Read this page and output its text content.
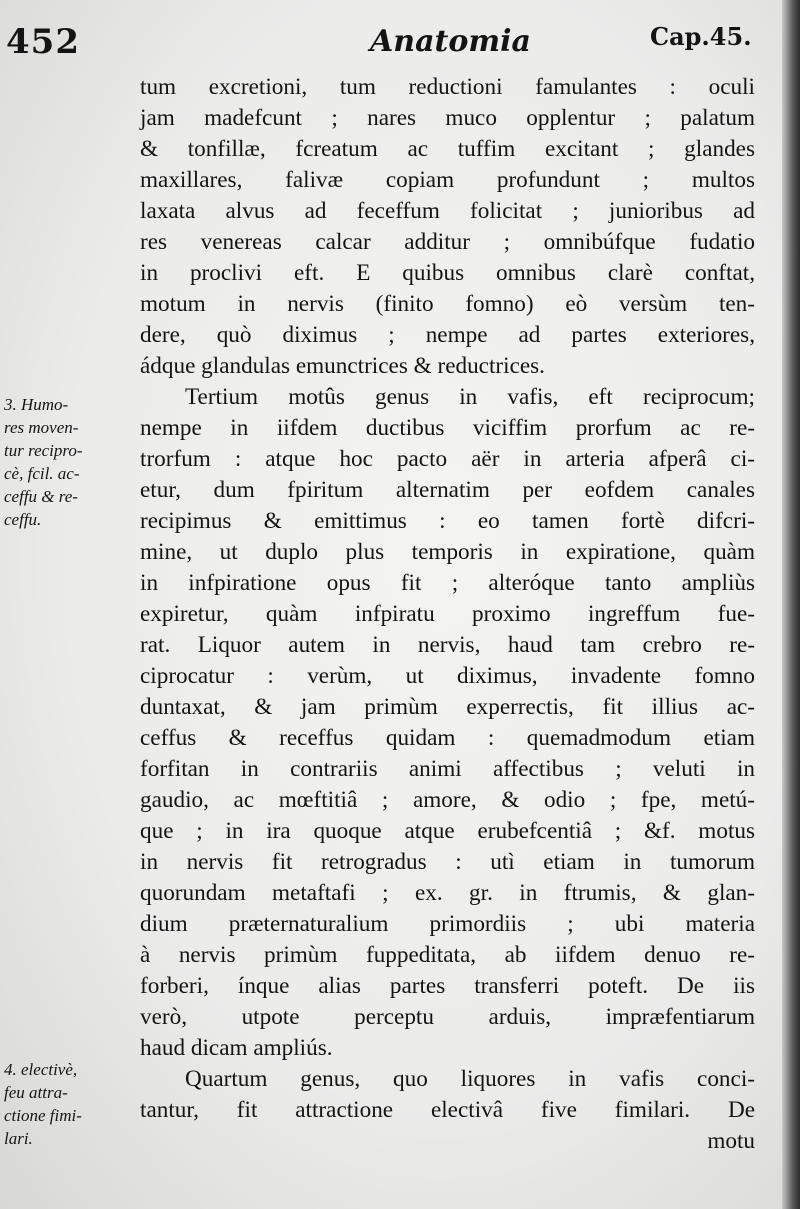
452	Anatomia	Cap.45.
3. Humo-
res moven-
tur recipro-
cè, fcil. ac-
ceffu & re-
ceffu.
4. electivè,
feu attra-
ctione fimi-
lari.
tum excretioni, tum reductioni famulantes : oculi
jam madefcunt ; nares muco opplentur ; palatum
& tonfillæ, fcreatum ac tuffim excitant ; glandes
maxillares, falivæ copiam profundunt ; multos
laxata alvus ad feceffum folicitat ; junioribus ad
res venereas calcar additur ; omnibúfque fudatio
in proclivi eft. E quibus omnibus clarè conftat,
motum in nervis (finito fomno) eò versùm ten-
dere, quò diximus ; nempe ad partes exteriores,
ádque glandulas emunctrices & reductrices.
Tertium motûs genus in vafis, eft reciprocum;
nempe in iifdem ductibus viciffim prorfum ac re-
trorfum : atque hoc pacto aër in arteria afperâ ci-
etur, dum fpiritum alternatim per eofdem canales
recipimus & emittimus : eo tamen fortè difcri-
mine, ut duplo plus temporis in expiratione, quàm
in infpiratione opus fit ; alteróque tanto ampliùs
expiretur, quàm infpiratu proximo ingreffum fue-
rat. Liquor autem in nervis, haud tam crebro re-
ciprocatur : verùm, ut diximus, invadente fomno
duntaxat, & jam primùm experrectis, fit illius ac-
ceffus & receffus quidam : quemadmodum etiam
forfitan in contrariis animi affectibus ; veluti in
gaudio, ac mœftitiâ ; amore, & odio ; fpe, metú-
que ; in ira quoque atque erubefcentiâ ; &f. motus
in nervis fit retrogradus : utì etiam in tumorum
quorundam metaftafi ; ex. gr. in ftrumis, & glan-
dium præternaturalium primordiis ; ubi materia
à nervis primùm fuppeditata, ab iifdem denuo re-
forberi, ínque alias partes transferri poteft. De iis
verò, utpote perceptu arduis, impræfentiarum
haud dicam ampliús.
Quartum genus, quo liquores in vafis conci-
tantur, fit attractione electivâ five fimilari. De
motu
